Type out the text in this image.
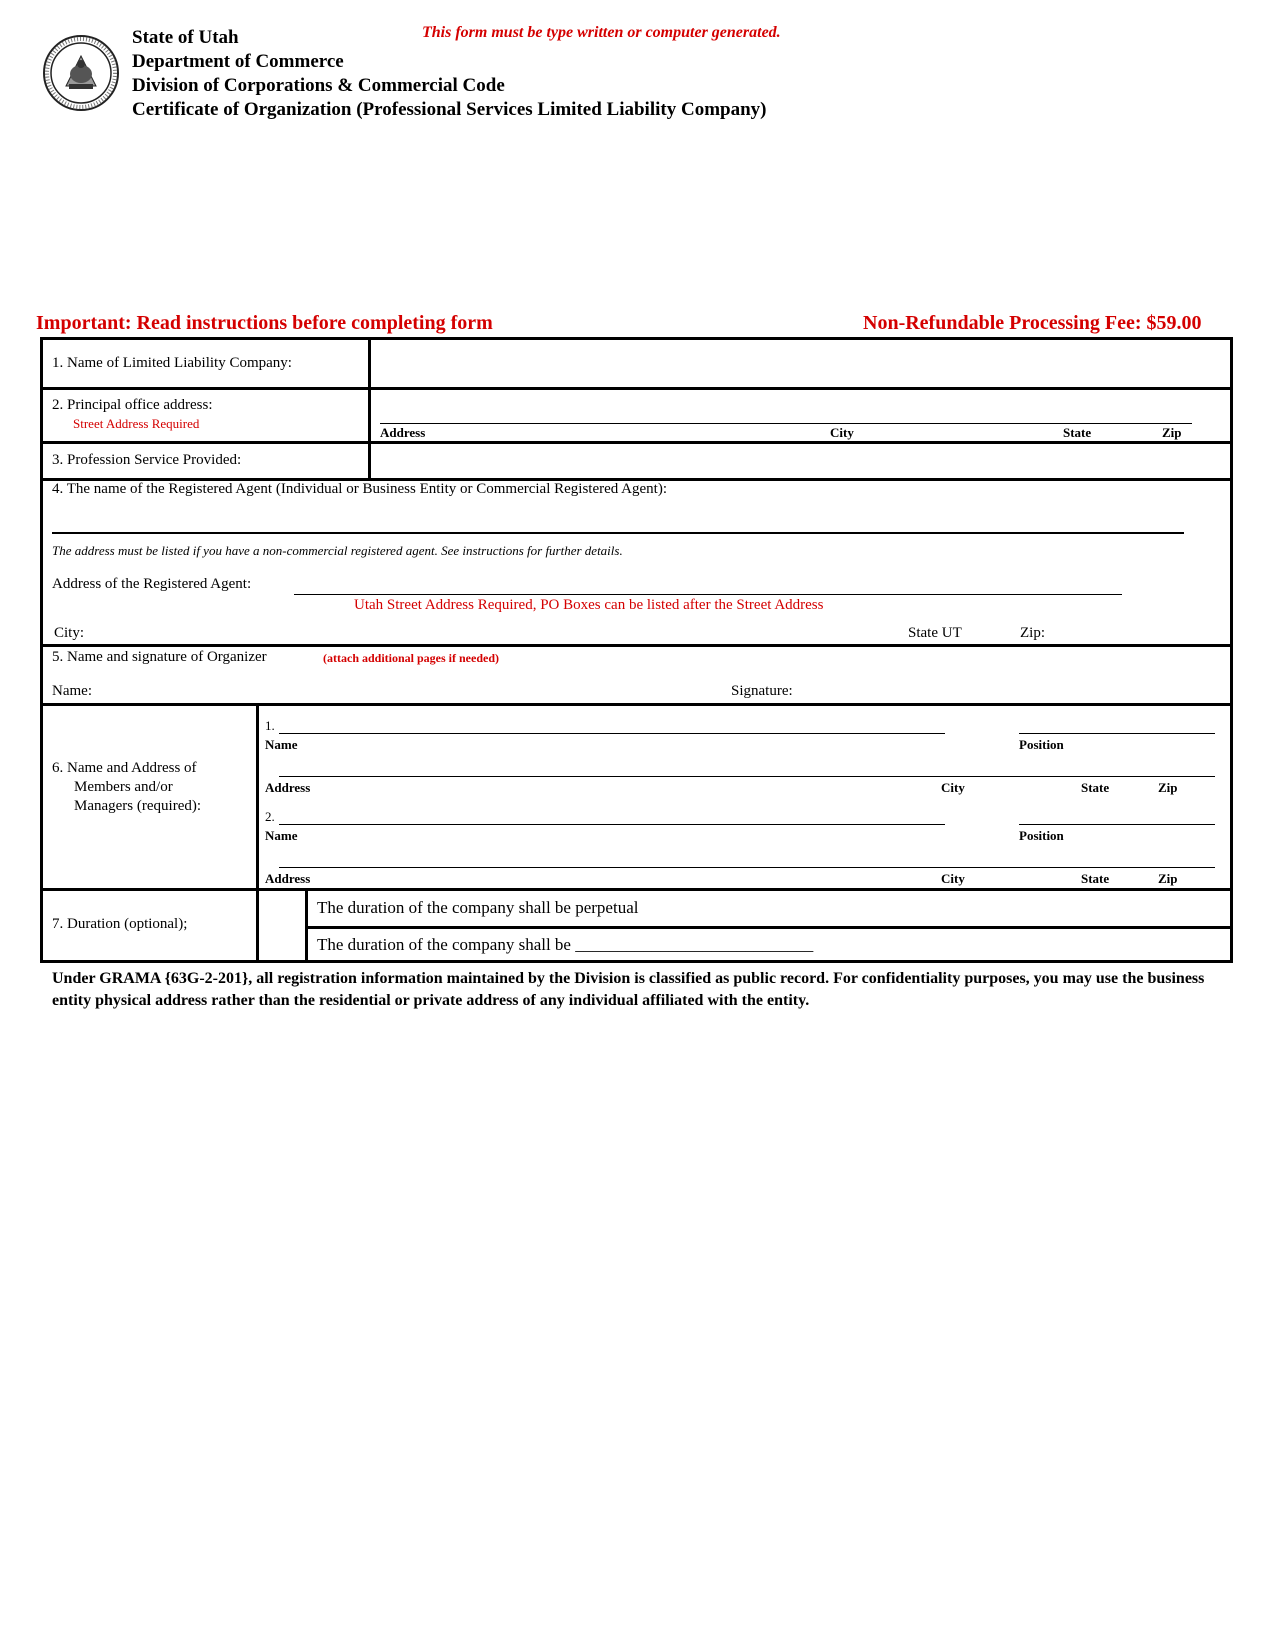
State of Utah
Department of Commerce
Division of Corporations & Commercial Code
Certificate of Organization (Professional Services Limited Liability Company)
This form must be type written or computer generated.
Important: Read instructions before completing form	Non-Refundable Processing Fee: $59.00
1. Name of Limited Liability Company:
2. Principal office address:
Street Address Required
Address	City	State	Zip
3. Profession Service Provided:
4. The name of the Registered Agent (Individual or Business Entity or Commercial Registered Agent):
The address must be listed if you have a non-commercial registered agent. See instructions for further details.
Address of the Registered Agent:
Utah Street Address Required, PO Boxes can be listed after the Street Address
City:	State UT	Zip:
5. Name and signature of Organizer	(attach additional pages if needed)
Name:	Signature:
6. Name and Address of
Members and/or
Managers (required):
1.
Name	Position
Address	City	State	Zip
2.
Name	Position
Address	City	State	Zip
7. Duration (optional);
The duration of the company shall be perpetual
The duration of the company shall be ____________________________
Under GRAMA {63G-2-201}, all registration information maintained by the Division is classified as public record. For confidentiality purposes, you may use the business entity physical address rather than the residential or private address of any individual affiliated with the entity.
